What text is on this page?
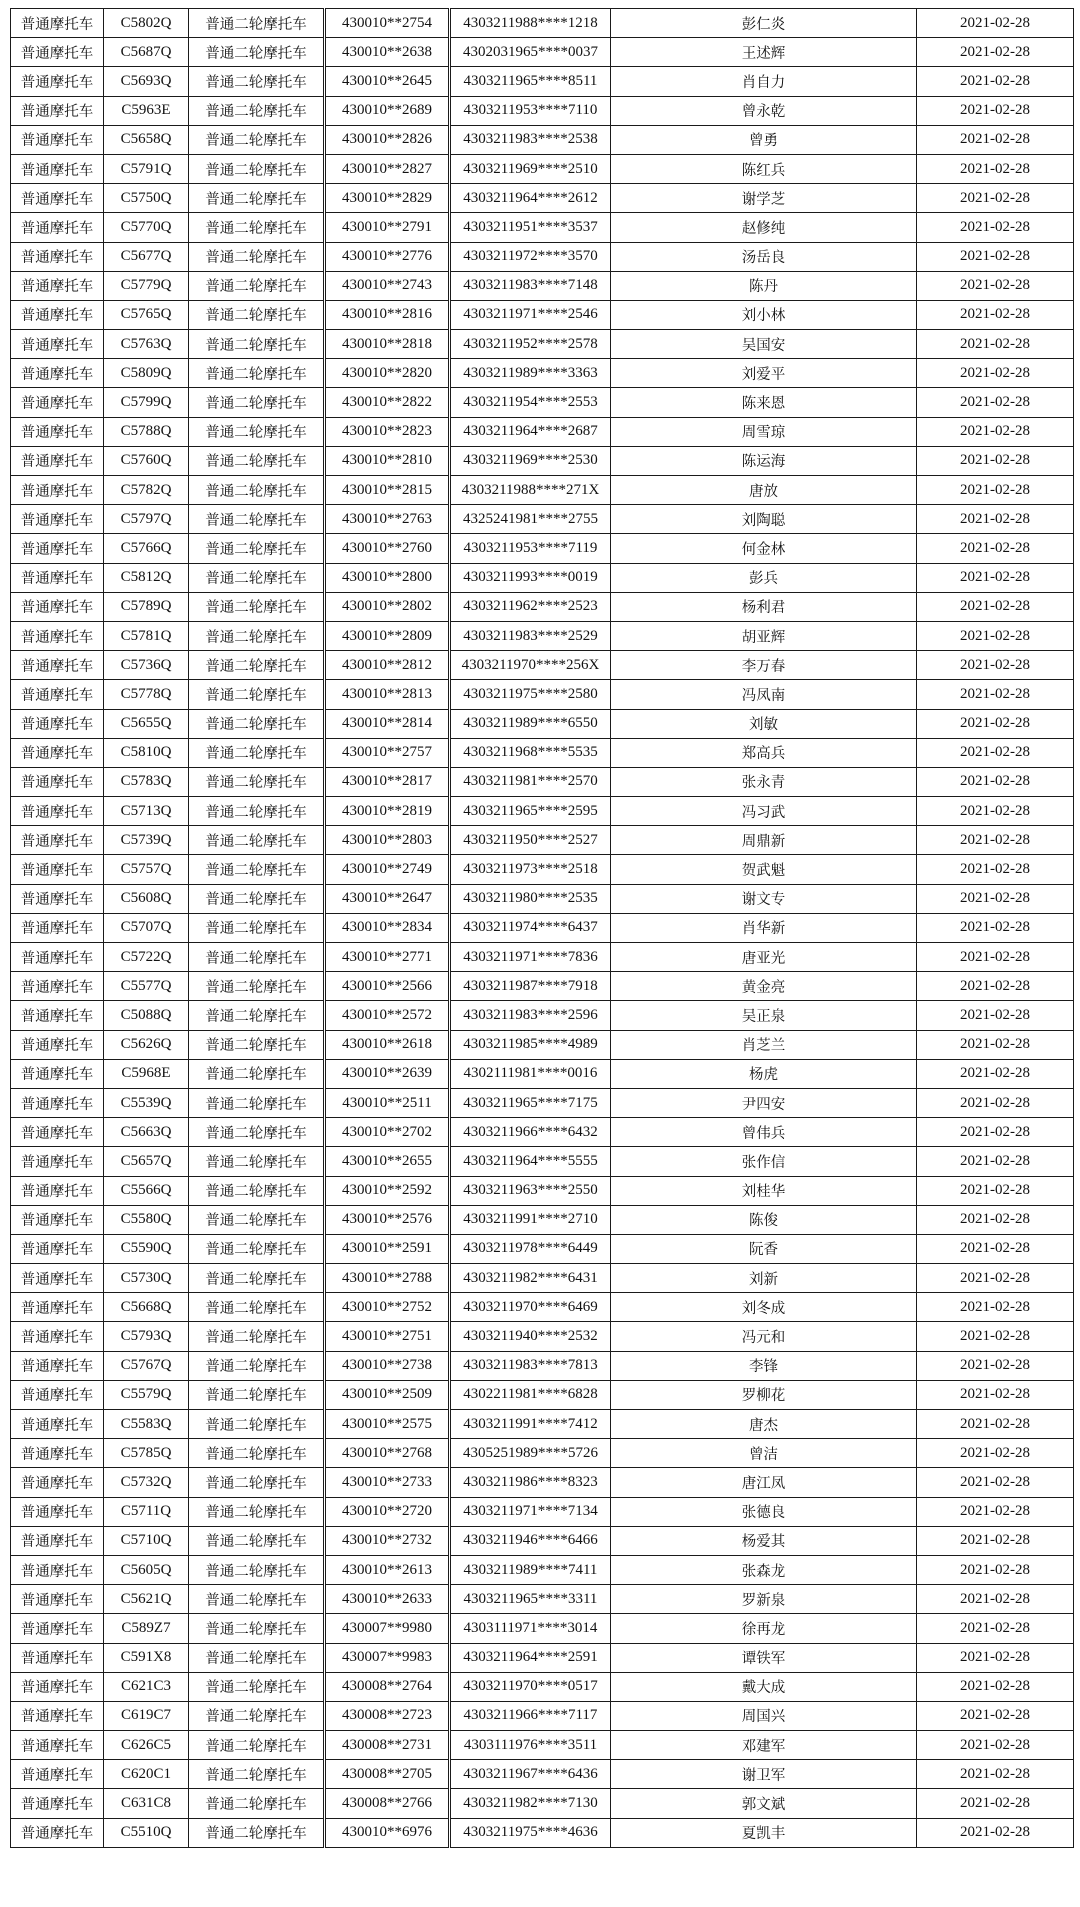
普通摩托车	C5802Q	普通二轮摩托车	430010**2754	4303211988****1218	彭仁炎	2021-02-28
普通摩托车	C5687Q	普通二轮摩托车	430010**2638	4302031965****0037	王述辉	2021-02-28
普通摩托车	C5693Q	普通二轮摩托车	430010**2645	4303211965****8511	肖自力	2021-02-28
普通摩托车	C5963E	普通二轮摩托车	430010**2689	4303211953****7110	曾永乾	2021-02-28
普通摩托车	C5658Q	普通二轮摩托车	430010**2826	4303211983****2538	曾勇	2021-02-28
普通摩托车	C5791Q	普通二轮摩托车	430010**2827	4303211969****2510	陈红兵	2021-02-28
普通摩托车	C5750Q	普通二轮摩托车	430010**2829	4303211964****2612	谢学芝	2021-02-28
普通摩托车	C5770Q	普通二轮摩托车	430010**2791	4303211951****3537	赵修纯	2021-02-28
普通摩托车	C5677Q	普通二轮摩托车	430010**2776	4303211972****3570	汤岳良	2021-02-28
普通摩托车	C5779Q	普通二轮摩托车	430010**2743	4303211983****7148	陈丹	2021-02-28
普通摩托车	C5765Q	普通二轮摩托车	430010**2816	4303211971****2546	刘小林	2021-02-28
普通摩托车	C5763Q	普通二轮摩托车	430010**2818	4303211952****2578	吴国安	2021-02-28
普通摩托车	C5809Q	普通二轮摩托车	430010**2820	4303211989****3363	刘爱平	2021-02-28
普通摩托车	C5799Q	普通二轮摩托车	430010**2822	4303211954****2553	陈来恩	2021-02-28
普通摩托车	C5788Q	普通二轮摩托车	430010**2823	4303211964****2687	周雪琼	2021-02-28
普通摩托车	C5760Q	普通二轮摩托车	430010**2810	4303211969****2530	陈运海	2021-02-28
普通摩托车	C5782Q	普通二轮摩托车	430010**2815	4303211988****271X	唐放	2021-02-28
普通摩托车	C5797Q	普通二轮摩托车	430010**2763	4325241981****2755	刘陶聪	2021-02-28
普通摩托车	C5766Q	普通二轮摩托车	430010**2760	4303211953****7119	何金林	2021-02-28
普通摩托车	C5812Q	普通二轮摩托车	430010**2800	4303211993****0019	彭兵	2021-02-28
普通摩托车	C5789Q	普通二轮摩托车	430010**2802	4303211962****2523	杨利君	2021-02-28
普通摩托车	C5781Q	普通二轮摩托车	430010**2809	4303211983****2529	胡亚辉	2021-02-28
普通摩托车	C5736Q	普通二轮摩托车	430010**2812	4303211970****256X	李万春	2021-02-28
普通摩托车	C5778Q	普通二轮摩托车	430010**2813	4303211975****2580	冯凤南	2021-02-28
普通摩托车	C5655Q	普通二轮摩托车	430010**2814	4303211989****6550	刘敏	2021-02-28
普通摩托车	C5810Q	普通二轮摩托车	430010**2757	4303211968****5535	郑高兵	2021-02-28
普通摩托车	C5783Q	普通二轮摩托车	430010**2817	4303211981****2570	张永青	2021-02-28
普通摩托车	C5713Q	普通二轮摩托车	430010**2819	4303211965****2595	冯习武	2021-02-28
普通摩托车	C5739Q	普通二轮摩托车	430010**2803	4303211950****2527	周鼎新	2021-02-28
普通摩托车	C5757Q	普通二轮摩托车	430010**2749	4303211973****2518	贺武魁	2021-02-28
普通摩托车	C5608Q	普通二轮摩托车	430010**2647	4303211980****2535	谢文专	2021-02-28
普通摩托车	C5707Q	普通二轮摩托车	430010**2834	4303211974****6437	肖华新	2021-02-28
普通摩托车	C5722Q	普通二轮摩托车	430010**2771	4303211971****7836	唐亚光	2021-02-28
普通摩托车	C5577Q	普通二轮摩托车	430010**2566	4303211987****7918	黄金亮	2021-02-28
普通摩托车	C5088Q	普通二轮摩托车	430010**2572	4303211983****2596	吴正泉	2021-02-28
普通摩托车	C5626Q	普通二轮摩托车	430010**2618	4303211985****4989	肖芝兰	2021-02-28
普通摩托车	C5968E	普通二轮摩托车	430010**2639	4302111981****0016	杨虎	2021-02-28
普通摩托车	C5539Q	普通二轮摩托车	430010**2511	4303211965****7175	尹四安	2021-02-28
普通摩托车	C5663Q	普通二轮摩托车	430010**2702	4303211966****6432	曾伟兵	2021-02-28
普通摩托车	C5657Q	普通二轮摩托车	430010**2655	4303211964****5555	张作信	2021-02-28
普通摩托车	C5566Q	普通二轮摩托车	430010**2592	4303211963****2550	刘桂华	2021-02-28
普通摩托车	C5580Q	普通二轮摩托车	430010**2576	4303211991****2710	陈俊	2021-02-28
普通摩托车	C5590Q	普通二轮摩托车	430010**2591	4303211978****6449	阮香	2021-02-28
普通摩托车	C5730Q	普通二轮摩托车	430010**2788	4303211982****6431	刘新	2021-02-28
普通摩托车	C5668Q	普通二轮摩托车	430010**2752	4303211970****6469	刘冬成	2021-02-28
普通摩托车	C5793Q	普通二轮摩托车	430010**2751	4303211940****2532	冯元和	2021-02-28
普通摩托车	C5767Q	普通二轮摩托车	430010**2738	4303211983****7813	李锋	2021-02-28
普通摩托车	C5579Q	普通二轮摩托车	430010**2509	4302211981****6828	罗柳花	2021-02-28
普通摩托车	C5583Q	普通二轮摩托车	430010**2575	4303211991****7412	唐杰	2021-02-28
普通摩托车	C5785Q	普通二轮摩托车	430010**2768	4305251989****5726	曾洁	2021-02-28
普通摩托车	C5732Q	普通二轮摩托车	430010**2733	4303211986****8323	唐江凤	2021-02-28
普通摩托车	C5711Q	普通二轮摩托车	430010**2720	4303211971****7134	张德良	2021-02-28
普通摩托车	C5710Q	普通二轮摩托车	430010**2732	4303211946****6466	杨爱其	2021-02-28
普通摩托车	C5605Q	普通二轮摩托车	430010**2613	4303211989****7411	张森龙	2021-02-28
普通摩托车	C5621Q	普通二轮摩托车	430010**2633	4303211965****3311	罗新泉	2021-02-28
普通摩托车	C589Z7	普通二轮摩托车	430007**9980	4303111971****3014	徐再龙	2021-02-28
普通摩托车	C591X8	普通二轮摩托车	430007**9983	4303211964****2591	谭铁军	2021-02-28
普通摩托车	C621C3	普通二轮摩托车	430008**2764	4303211970****0517	戴大成	2021-02-28
普通摩托车	C619C7	普通二轮摩托车	430008**2723	4303211966****7117	周国兴	2021-02-28
普通摩托车	C626C5	普通二轮摩托车	430008**2731	4303111976****3511	邓建军	2021-02-28
普通摩托车	C620C1	普通二轮摩托车	430008**2705	4303211967****6436	谢卫军	2021-02-28
普通摩托车	C631C8	普通二轮摩托车	430008**2766	4303211982****7130	郭文斌	2021-02-28
普通摩托车	C5510Q	普通二轮摩托车	430010**6976	4303211975****4636	夏凯丰	2021-02-28
